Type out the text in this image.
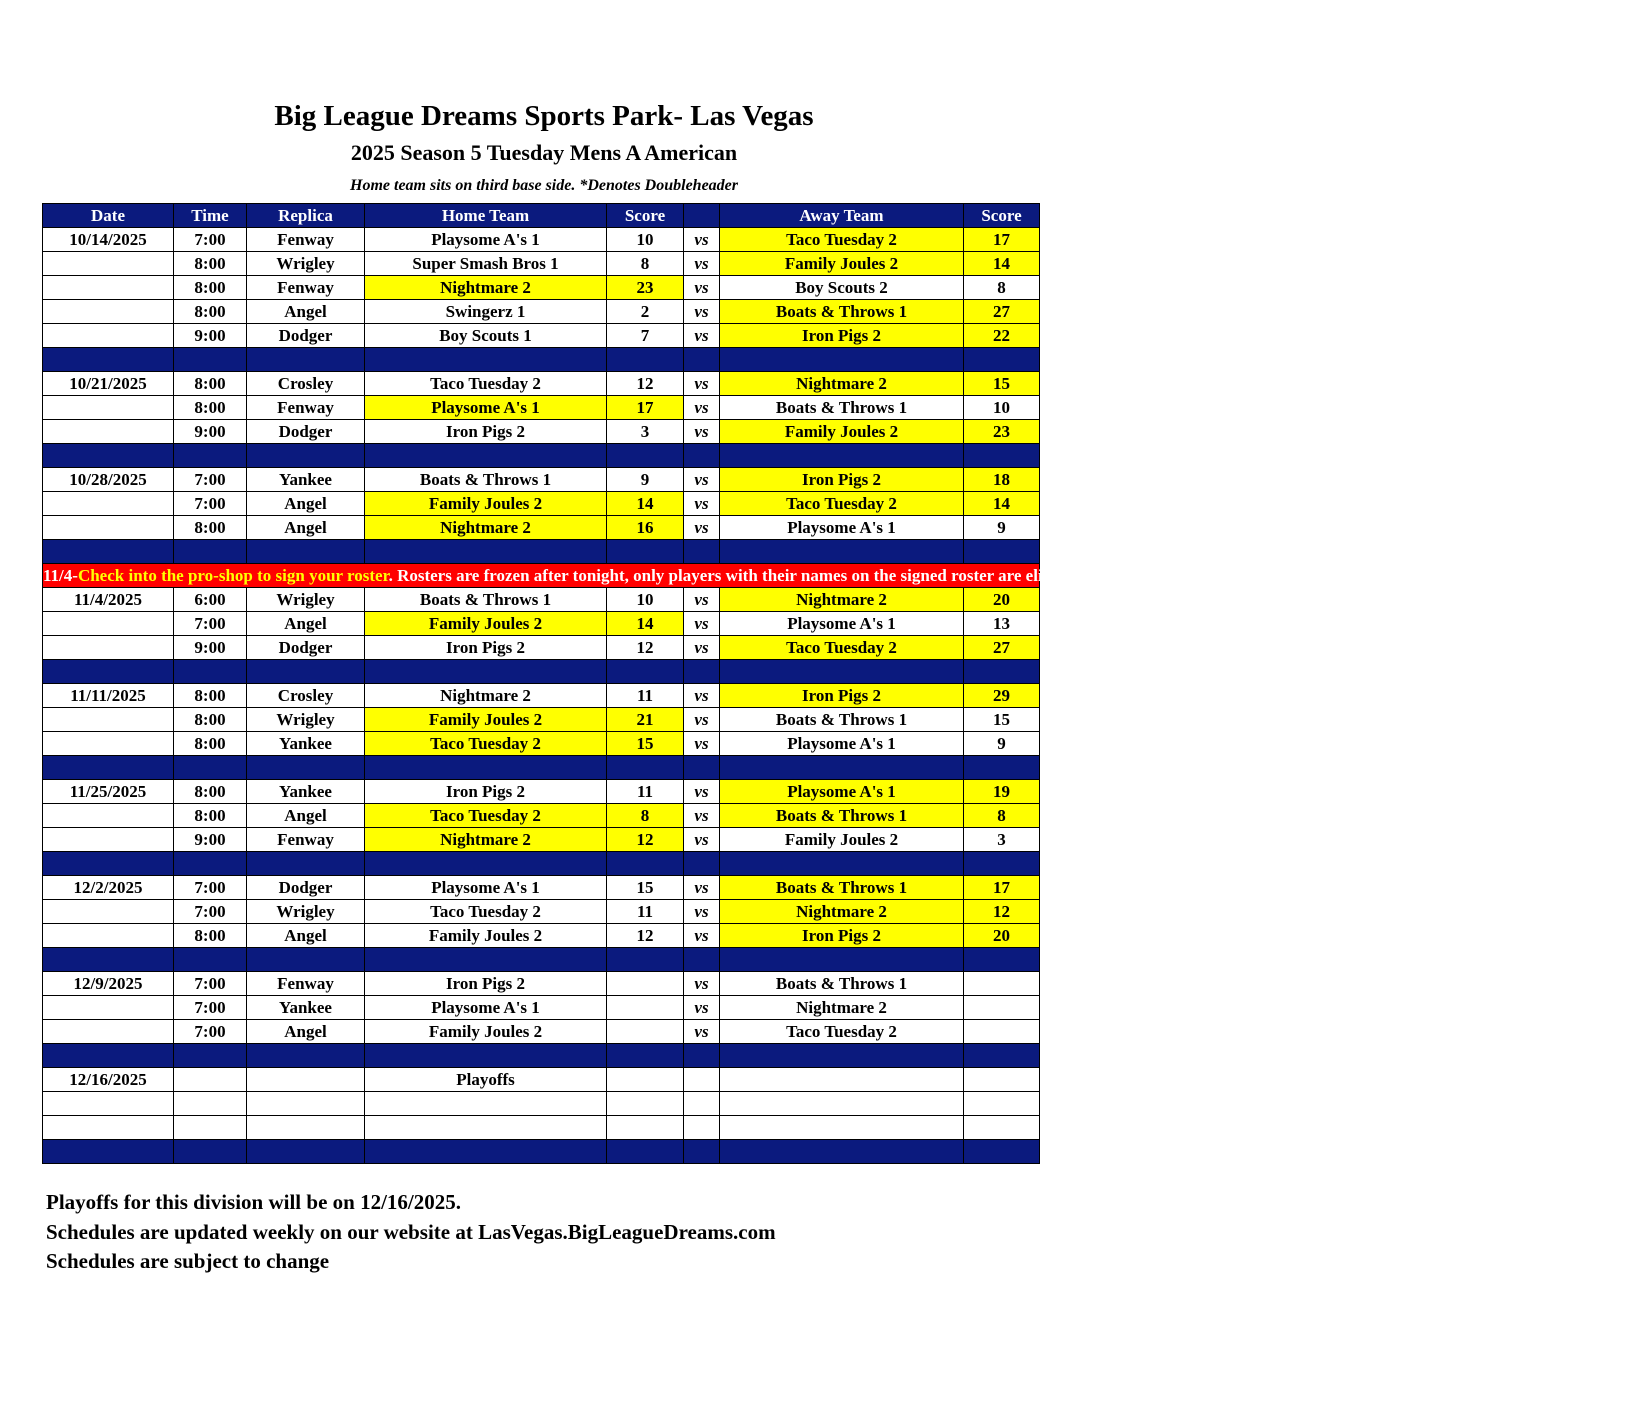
Big League Dreams Sports Park- Las Vegas
2025 Season 5 Tuesday Mens A American
Home team sits on third base side. *Denotes Doubleheader
Date	Time	Replica	Home Team	Score		Away Team	Score
10/14/2025	7:00	Fenway	Playsome A's 1	10	vs	Taco Tuesday 2	17
	8:00	Wrigley	Super Smash Bros 1	8	vs	Family Joules 2	14
	8:00	Fenway	Nightmare 2	23	vs	Boy Scouts 2	8
	8:00	Angel	Swingerz 1	2	vs	Boats & Throws 1	27
	9:00	Dodger	Boy Scouts 1	7	vs	Iron Pigs 2	22

10/21/2025	8:00	Crosley	Taco Tuesday 2	12	vs	Nightmare 2	15
	8:00	Fenway	Playsome A's 1	17	vs	Boats & Throws 1	10
	9:00	Dodger	Iron Pigs 2	3	vs	Family Joules 2	23

10/28/2025	7:00	Yankee	Boats & Throws 1	9	vs	Iron Pigs 2	18
	7:00	Angel	Family Joules 2	14	vs	Taco Tuesday 2	14
	8:00	Angel	Nightmare 2	16	vs	Playsome A's 1	9

11/4-Check into the pro-shop to sign your roster. Rosters are frozen after tonight, only players with their names on the signed roster are eligible for playoffs. Please check carefully as changes will not be made for omissions.							
11/4/2025	6:00	Wrigley	Boats & Throws 1	10	vs	Nightmare 2	20
	7:00	Angel	Family Joules 2	14	vs	Playsome A's 1	13
	9:00	Dodger	Iron Pigs 2	12	vs	Taco Tuesday 2	27

11/11/2025	8:00	Crosley	Nightmare 2	11	vs	Iron Pigs 2	29
	8:00	Wrigley	Family Joules 2	21	vs	Boats & Throws 1	15
	8:00	Yankee	Taco Tuesday 2	15	vs	Playsome A's 1	9

11/25/2025	8:00	Yankee	Iron Pigs 2	11	vs	Playsome A's 1	19
	8:00	Angel	Taco Tuesday 2	8	vs	Boats & Throws 1	8
	9:00	Fenway	Nightmare 2	12	vs	Family Joules 2	3

12/2/2025	7:00	Dodger	Playsome A's 1	15	vs	Boats & Throws 1	17
	7:00	Wrigley	Taco Tuesday 2	11	vs	Nightmare 2	12
	8:00	Angel	Family Joules 2	12	vs	Iron Pigs 2	20

12/9/2025	7:00	Fenway	Iron Pigs 2		vs	Boats & Throws 1	
	7:00	Yankee	Playsome A's 1		vs	Nightmare 2	
	7:00	Angel	Family Joules 2		vs	Taco Tuesday 2	

12/16/2025			Playoffs				

Playoffs for this division will be on 12/16/2025.
Schedules are updated weekly on our website at LasVegas.BigLeagueDreams.com
Schedules are subject to change
